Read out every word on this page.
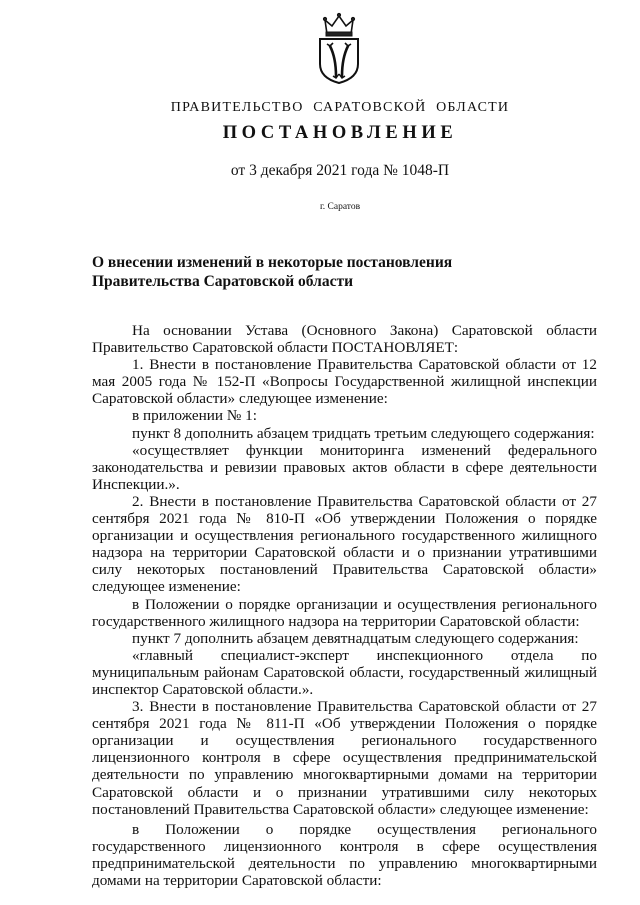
ПРАВИТЕЛЬСТВО САРАТОВСКОЙ ОБЛАСТИ
ПОСТАНОВЛЕНИЕ
от 3 декабря 2021 года № 1048-П
г. Саратов
О внесении изменений в некоторые постановления
Правительства Саратовской области

На основании Устава (Основного Закона) Саратовской области Правительство Саратовской области ПОСТАНОВЛЯЕТ:

1. Внести в постановление Правительства Саратовской области от 12 мая 2005 года № 152-П «Вопросы Государственной жилищной инспекции Саратовской области» следующее изменение:

в приложении № 1:

пункт 8 дополнить абзацем тридцать третьим следующего содержания:

«осуществляет функции мониторинга изменений федерального законодательства и ревизии правовых актов области в сфере деятельности Инспекции.».

2. Внести в постановление Правительства Саратовской области от 27 сентября 2021 года № 810-П «Об утверждении Положения о порядке организации и осуществления регионального государственного жилищного надзора на территории Саратовской области и о признании утратившими силу некоторых постановлений Правительства Саратовской области» следующее изменение:

в Положении о порядке организации и осуществления регионального государственного жилищного надзора на территории Саратовской области:

пункт 7 дополнить абзацем девятнадцатым следующего содержания:

«главный специалист-эксперт инспекционного отдела по муниципальным районам Саратовской области, государственный жилищный инспектор Саратовской области.».

3. Внести в постановление Правительства Саратовской области от 27 сентября 2021 года № 811-П «Об утверждении Положения о порядке организации и осуществления регионального государственного лицензионного контроля в сфере осуществления предпринимательской деятельности по управлению многоквартирными домами на территории Саратовской области и о признании утратившими силу некоторых постановлений Правительства Саратовской области» следующее изменение:

в Положении о порядке осуществления регионального государственного лицензионного контроля в сфере осуществления предпринимательской деятельности по управлению многоквартирными домами на территории Саратовской области:
